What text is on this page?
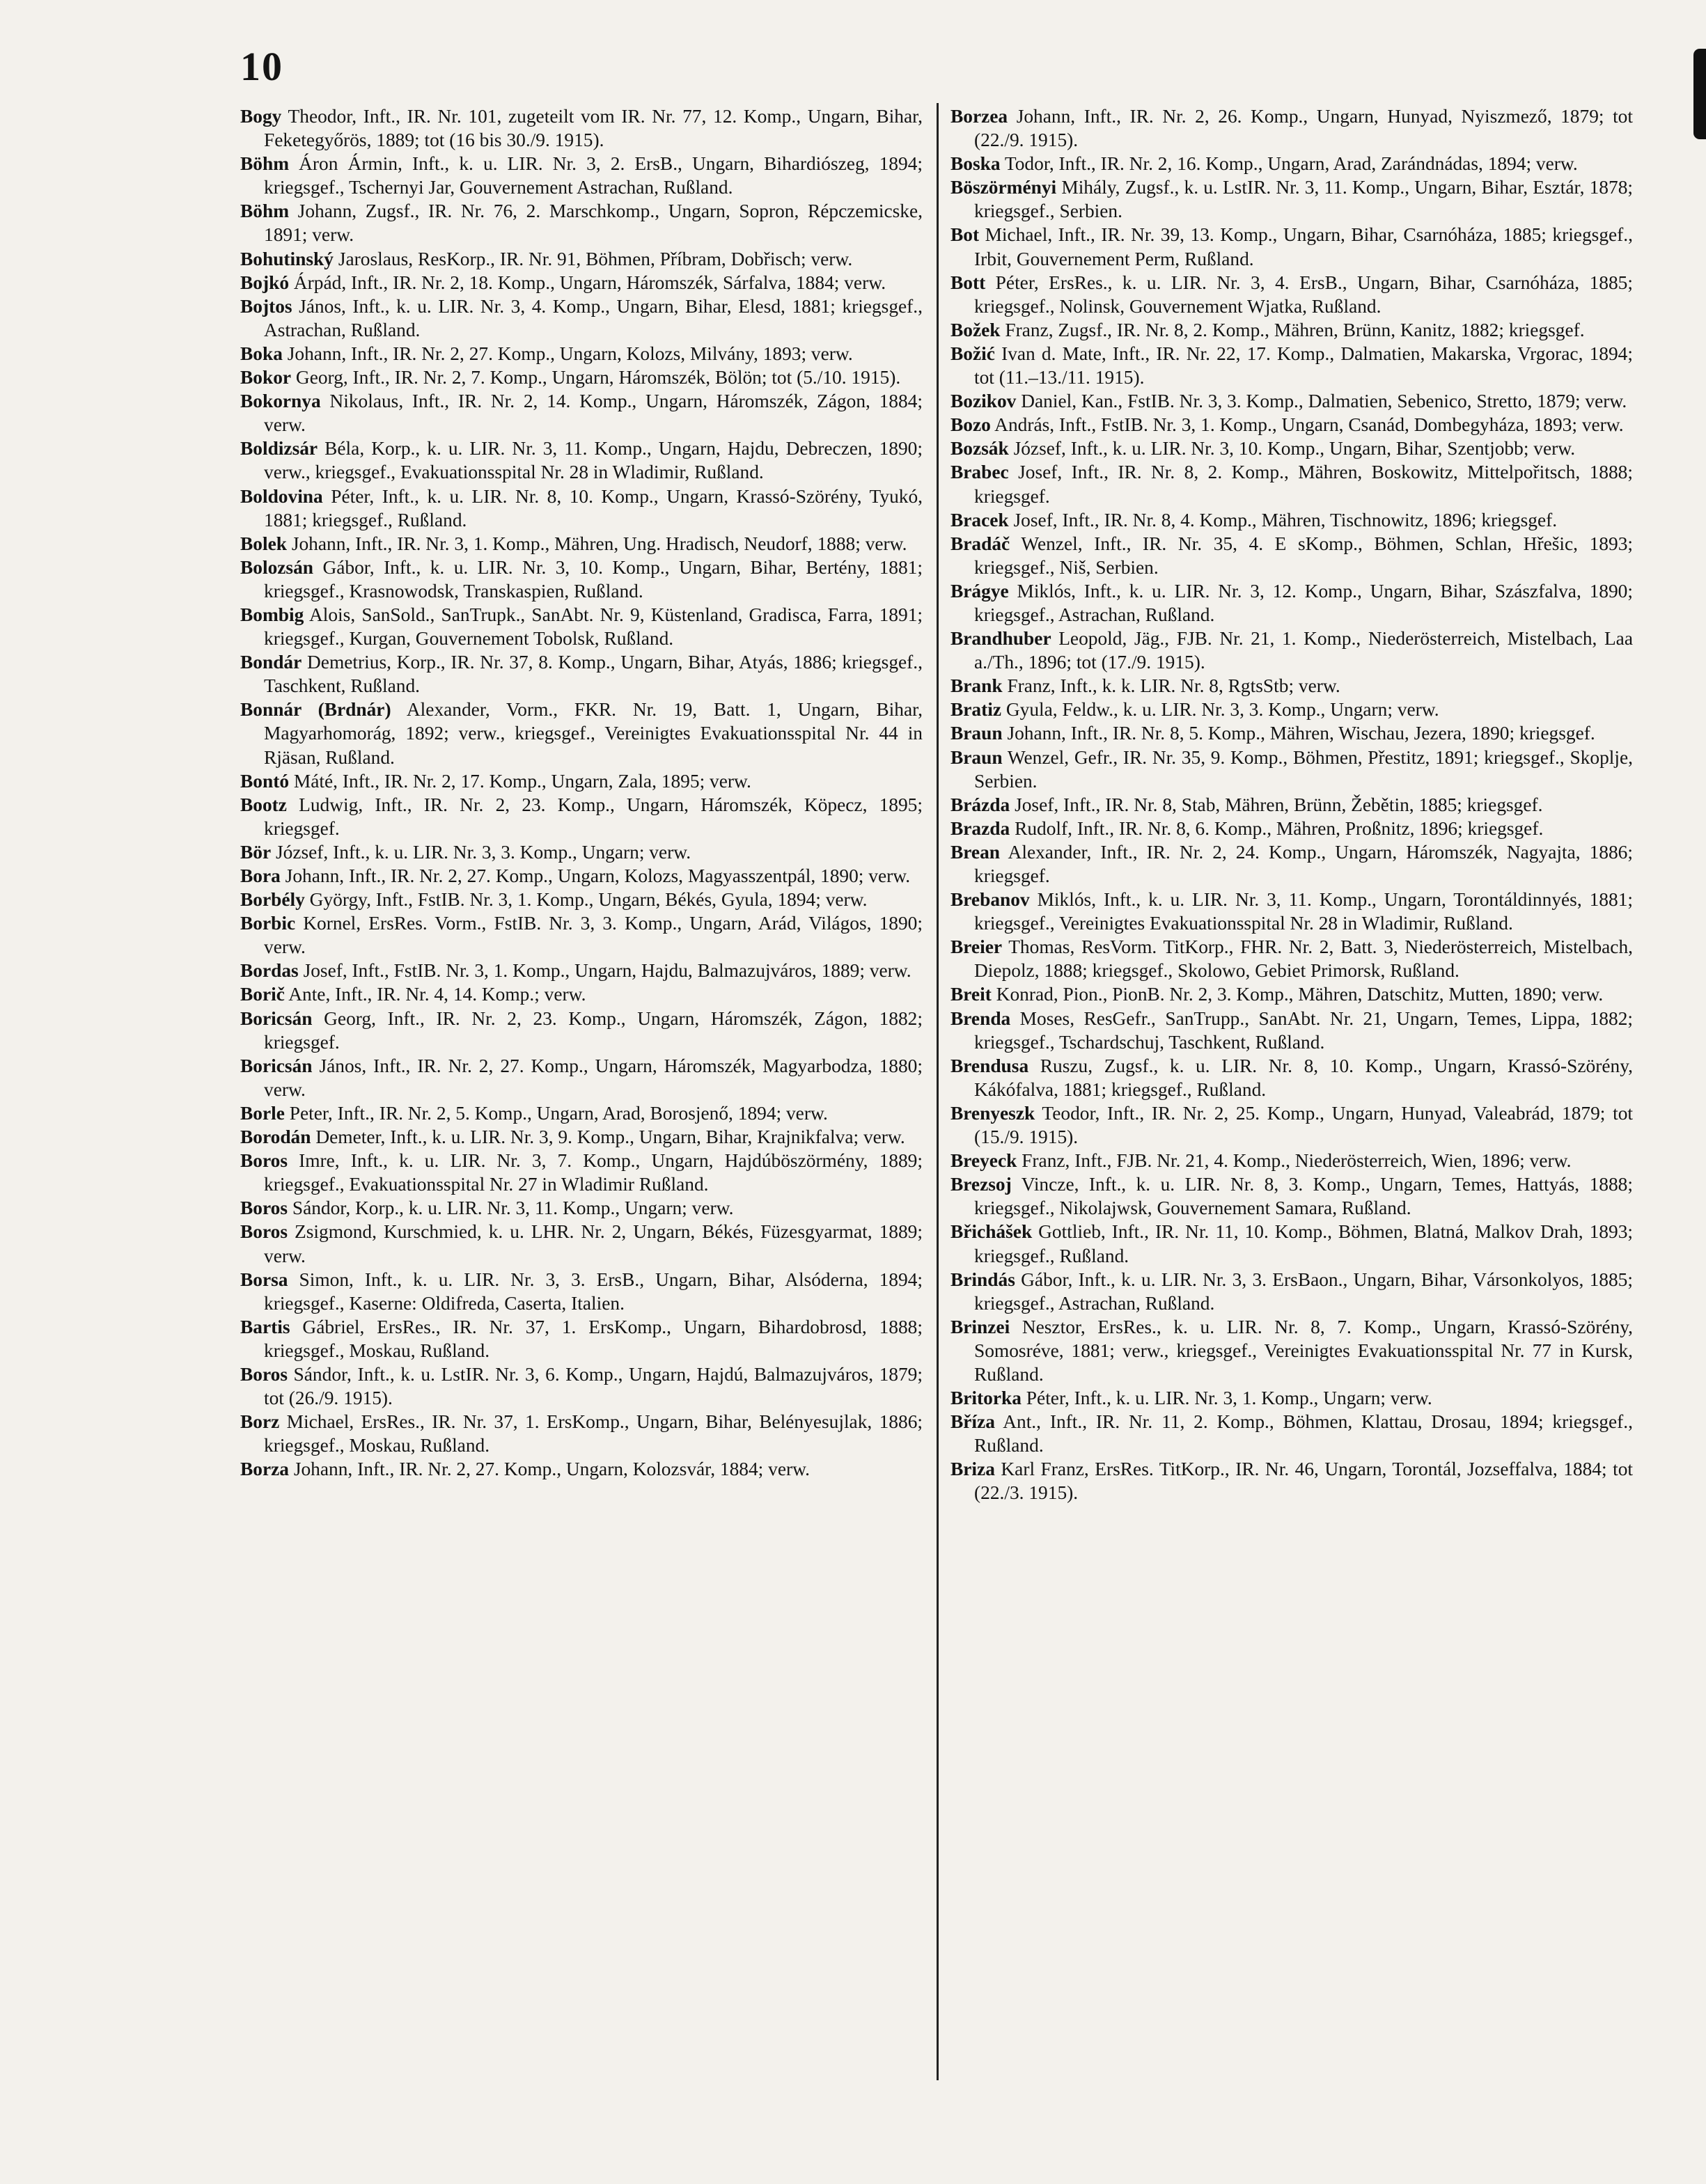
10

Bogy Theodor, Inft., IR. Nr. 101, zugeteilt vom IR. Nr. 77, 12. Komp., Ungarn, Bihar, Feketegyőrös, 1889; tot (16 bis 30./9. 1915).

Böhm Áron Ármin, Inft., k. u. LIR. Nr. 3, 2. ErsB., Ungarn, Bihardiószeg, 1894; kriegsgef., Tschernyi Jar, Gouvernement Astrachan, Rußland.

Böhm Johann, Zugsf., IR. Nr. 76, 2. Marschkomp., Ungarn, Sopron, Répczemicske, 1891; verw.

Bohutinský Jaroslaus, ResKorp., IR. Nr. 91, Böhmen, Příbram, Dobřisch; verw.

Bojkó Árpád, Inft., IR. Nr. 2, 18. Komp., Ungarn, Háromszék, Sárfalva, 1884; verw.

Bojtos János, Inft., k. u. LIR. Nr. 3, 4. Komp., Ungarn, Bihar, Elesd, 1881; kriegsgef., Astrachan, Rußland.

Boka Johann, Inft., IR. Nr. 2, 27. Komp., Ungarn, Kolozs, Milvány, 1893; verw.

Bokor Georg, Inft., IR. Nr. 2, 7. Komp., Ungarn, Háromszék, Bölön; tot (5./10. 1915).

Bokornya Nikolaus, Inft., IR. Nr. 2, 14. Komp., Ungarn, Háromszék, Zágon, 1884; verw.

Boldizsár Béla, Korp., k. u. LIR. Nr. 3, 11. Komp., Ungarn, Hajdu, Debreczen, 1890; verw., kriegsgef., Evakuationsspital Nr. 28 in Wladimir, Rußland.

Boldovina Péter, Inft., k. u. LIR. Nr. 8, 10. Komp., Ungarn, Krassó-Szörény, Tyukó, 1881; kriegsgef., Rußland.

Bolek Johann, Inft., IR. Nr. 3, 1. Komp., Mähren, Ung. Hradisch, Neudorf, 1888; verw.

Bolozsán Gábor, Inft., k. u. LIR. Nr. 3, 10. Komp., Ungarn, Bihar, Bertény, 1881; kriegsgef., Krasnowodsk, Transkaspien, Rußland.

Bombig Alois, SanSold., SanTrupk., SanAbt. Nr. 9, Küstenland, Gradisca, Farra, 1891; kriegsgef., Kurgan, Gouvernement Tobolsk, Rußland.

Bondár Demetrius, Korp., IR. Nr. 37, 8. Komp., Ungarn, Bihar, Atyás, 1886; kriegsgef., Taschkent, Rußland.

Bonnár (Brdnár) Alexander, Vorm., FKR. Nr. 19, Batt. 1, Ungarn, Bihar, Magyarhomorág, 1892; verw., kriegsgef., Vereinigtes Evakuationsspital Nr. 44 in Rjäsan, Rußland.

Bontó Máté, Inft., IR. Nr. 2, 17. Komp., Ungarn, Zala, 1895; verw.

Bootz Ludwig, Inft., IR. Nr. 2, 23. Komp., Ungarn, Háromszék, Köpecz, 1895; kriegsgef.

Bör József, Inft., k. u. LIR. Nr. 3, 3. Komp., Ungarn; verw.

Bora Johann, Inft., IR. Nr. 2, 27. Komp., Ungarn, Kolozs, Magyasszentpál, 1890; verw.

Borbély György, Inft., FstIB. Nr. 3, 1. Komp., Ungarn, Békés, Gyula, 1894; verw.

Borbic Kornel, ErsRes. Vorm., FstIB. Nr. 3, 3. Komp., Ungarn, Arád, Világos, 1890; verw.

Bordas Josef, Inft., FstIB. Nr. 3, 1. Komp., Ungarn, Hajdu, Balmazujváros, 1889; verw.

Borič Ante, Inft., IR. Nr. 4, 14. Komp.; verw.

Boricsán Georg, Inft., IR. Nr. 2, 23. Komp., Ungarn, Háromszék, Zágon, 1882; kriegsgef.

Boricsán János, Inft., IR. Nr. 2, 27. Komp., Ungarn, Háromszék, Magyarbodza, 1880; verw.

Borle Peter, Inft., IR. Nr. 2, 5. Komp., Ungarn, Arad, Borosjenő, 1894; verw.

Borodán Demeter, Inft., k. u. LIR. Nr. 3, 9. Komp., Ungarn, Bihar, Krajnikfalva; verw.

Boros Imre, Inft., k. u. LIR. Nr. 3, 7. Komp., Ungarn, Hajdúböszörmény, 1889; kriegsgef., Evakuationsspital Nr. 27 in Wladimir Rußland.

Boros Sándor, Korp., k. u. LIR. Nr. 3, 11. Komp., Ungarn; verw.

Boros Zsigmond, Kurschmied, k. u. LHR. Nr. 2, Ungarn, Békés, Füzesgyarmat, 1889; verw.

Borsa Simon, Inft., k. u. LIR. Nr. 3, 3. ErsB., Ungarn, Bihar, Alsóderna, 1894; kriegsgef., Kaserne: Oldifreda, Caserta, Italien.

Bartis Gábriel, ErsRes., IR. Nr. 37, 1. ErsKomp., Ungarn, Bihardobrosd, 1888; kriegsgef., Moskau, Rußland.

Boros Sándor, Inft., k. u. LstIR. Nr. 3, 6. Komp., Ungarn, Hajdú, Balmazujváros, 1879; tot (26./9. 1915).

Borz Michael, ErsRes., IR. Nr. 37, 1. ErsKomp., Ungarn, Bihar, Belényesujlak, 1886; kriegsgef., Moskau, Rußland.

Borza Johann, Inft., IR. Nr. 2, 27. Komp., Ungarn, Kolozsvár, 1884; verw.

Borzea Johann, Inft., IR. Nr. 2, 26. Komp., Ungarn, Hunyad, Nyiszmező, 1879; tot (22./9. 1915).

Boska Todor, Inft., IR. Nr. 2, 16. Komp., Ungarn, Arad, Zarándnádas, 1894; verw.

Böszörményi Mihály, Zugsf., k. u. LstIR. Nr. 3, 11. Komp., Ungarn, Bihar, Esztár, 1878; kriegsgef., Serbien.

Bot Michael, Inft., IR. Nr. 39, 13. Komp., Ungarn, Bihar, Csarnóháza, 1885; kriegsgef., Irbit, Gouvernement Perm, Rußland.

Bott Péter, ErsRes., k. u. LIR. Nr. 3, 4. ErsB., Ungarn, Bihar, Csarnóháza, 1885; kriegsgef., Nolinsk, Gouvernement Wjatka, Rußland.

Božek Franz, Zugsf., IR. Nr. 8, 2. Komp., Mähren, Brünn, Kanitz, 1882; kriegsgef.

Božić Ivan d. Mate, Inft., IR. Nr. 22, 17. Komp., Dalmatien, Makarska, Vrgorac, 1894; tot (11.–13./11. 1915).

Bozikov Daniel, Kan., FstIB. Nr. 3, 3. Komp., Dalmatien, Sebenico, Stretto, 1879; verw.

Bozo András, Inft., FstIB. Nr. 3, 1. Komp., Ungarn, Csanád, Dombegyháza, 1893; verw.

Bozsák József, Inft., k. u. LIR. Nr. 3, 10. Komp., Ungarn, Bihar, Szentjobb; verw.

Brabec Josef, Inft., IR. Nr. 8, 2. Komp., Mähren, Boskowitz, Mittelpořitsch, 1888; kriegsgef.

Bracek Josef, Inft., IR. Nr. 8, 4. Komp., Mähren, Tischnowitz, 1896; kriegsgef.

Bradáč Wenzel, Inft., IR. Nr. 35, 4. E sKomp., Böhmen, Schlan, Hřešic, 1893; kriegsgef., Niš, Serbien.

Brágye Miklós, Inft., k. u. LIR. Nr. 3, 12. Komp., Ungarn, Bihar, Szászfalva, 1890; kriegsgef., Astrachan, Rußland.

Brandhuber Leopold, Jäg., FJB. Nr. 21, 1. Komp., Niederösterreich, Mistelbach, Laa a./Th., 1896; tot (17./9. 1915).

Brank Franz, Inft., k. k. LIR. Nr. 8, RgtsStb; verw.

Bratiz Gyula, Feldw., k. u. LIR. Nr. 3, 3. Komp., Ungarn; verw.

Braun Johann, Inft., IR. Nr. 8, 5. Komp., Mähren, Wischau, Jezera, 1890; kriegsgef.

Braun Wenzel, Gefr., IR. Nr. 35, 9. Komp., Böhmen, Přestitz, 1891; kriegsgef., Skoplje, Serbien.

Brázda Josef, Inft., IR. Nr. 8, Stab, Mähren, Brünn, Žebětin, 1885; kriegsgef.

Brazda Rudolf, Inft., IR. Nr. 8, 6. Komp., Mähren, Proßnitz, 1896; kriegsgef.

Brean Alexander, Inft., IR. Nr. 2, 24. Komp., Ungarn, Háromszék, Nagyajta, 1886; kriegsgef.

Brebanov Miklós, Inft., k. u. LIR. Nr. 3, 11. Komp., Ungarn, Torontáldinnyés, 1881; kriegsgef., Vereinigtes Evakuationsspital Nr. 28 in Wladimir, Rußland.

Breier Thomas, ResVorm. TitKorp., FHR. Nr. 2, Batt. 3, Niederösterreich, Mistelbach, Diepolz, 1888; kriegsgef., Skolowo, Gebiet Primorsk, Rußland.

Breit Konrad, Pion., PionB. Nr. 2, 3. Komp., Mähren, Datschitz, Mutten, 1890; verw.

Brenda Moses, ResGefr., SanTrupp., SanAbt. Nr. 21, Ungarn, Temes, Lippa, 1882; kriegsgef., Tschardschuj, Taschkent, Rußland.

Brendusa Ruszu, Zugsf., k. u. LIR. Nr. 8, 10. Komp., Ungarn, Krassó-Szörény, Kákófalva, 1881; kriegsgef., Rußland.

Brenyeszk Teodor, Inft., IR. Nr. 2, 25. Komp., Ungarn, Hunyad, Valeabrád, 1879; tot (15./9. 1915).

Breyeck Franz, Inft., FJB. Nr. 21, 4. Komp., Niederösterreich, Wien, 1896; verw.

Brezsoj Vincze, Inft., k. u. LIR. Nr. 8, 3. Komp., Ungarn, Temes, Hattyás, 1888; kriegsgef., Nikolajwsk, Gouvernement Samara, Rußland.

Břichášek Gottlieb, Inft., IR. Nr. 11, 10. Komp., Böhmen, Blatná, Malkov Drah, 1893; kriegsgef., Rußland.

Brindás Gábor, Inft., k. u. LIR. Nr. 3, 3. ErsBaon., Ungarn, Bihar, Vársonkolyos, 1885; kriegsgef., Astrachan, Rußland.

Brinzei Nesztor, ErsRes., k. u. LIR. Nr. 8, 7. Komp., Ungarn, Krassó-Szörény, Somosréve, 1881; verw., kriegsgef., Vereinigtes Evakuationsspital Nr. 77 in Kursk, Rußland.

Britorka Péter, Inft., k. u. LIR. Nr. 3, 1. Komp., Ungarn; verw.

Bříza Ant., Inft., IR. Nr. 11, 2. Komp., Böhmen, Klattau, Drosau, 1894; kriegsgef., Rußland.

Briza Karl Franz, ErsRes. TitKorp., IR. Nr. 46, Ungarn, Torontál, Jozseffalva, 1884; tot (22./3. 1915).
